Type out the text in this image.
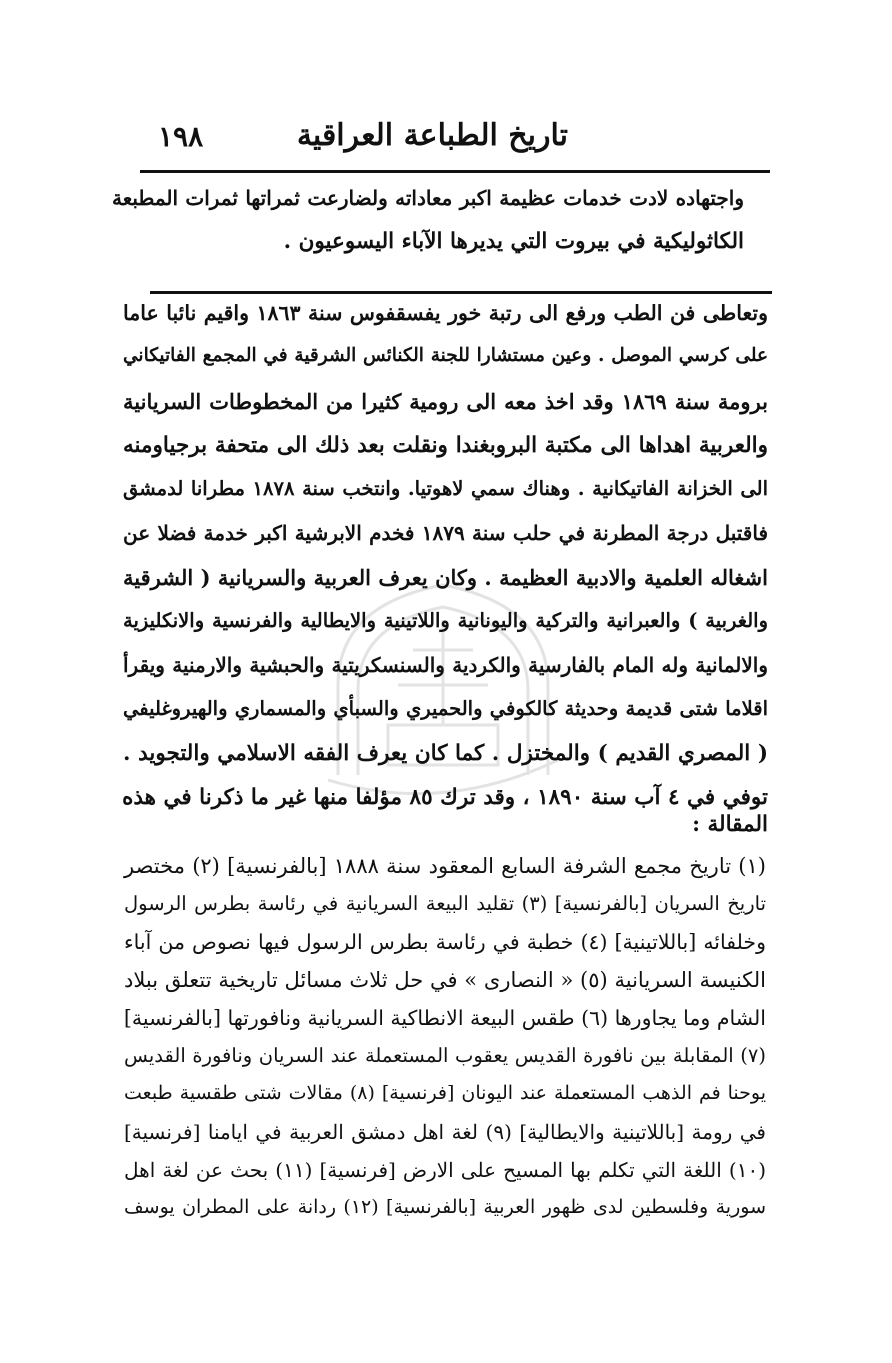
١٩٨	تاريخ الطباعة العراقية
واجتهاده لادت خدمات عظيمة اكبر معاداته ولضارعت ثمراتها ثمرات المطبعة
الكاثوليكية في بيروت التي يديرها الآباء اليسوعيون .
وتعاطى فن الطب ورفع الى رتبة خور يفسقفوس سنة ١٨٦٣ واقيم نائبا عاما
على كرسي الموصل . وعين مستشارا للجنة الكنائس الشرقية في المجمع الفاتيكاني
برومة سنة ١٨٦٩ وقد اخذ معه الى رومية كثيرا من المخطوطات السريانية
والعربية اهداها الى مكتبة البروبغندا ونقلت بعد ذلك الى متحفة برجياومنه
الى الخزانة الفاتيكانية . وهناك سمي لاهوتيا. وانتخب سنة ١٨٧٨ مطرانا لدمشق
فاقتبل درجة المطرنة في حلب سنة ١٨٧٩ فخدم الابرشية اكبر خدمة فضلا عن
اشغاله العلمية والادبية العظيمة . وكان يعرف العربية والسريانية ( الشرقية
والغربية ) والعبرانية والتركية واليونانية واللاتينية والايطالية والفرنسية والانكليزية
والالمانية وله المام بالفارسية والكردية والسنسكريتية والحبشية والارمنية ويقرأ
اقلاما شتى قديمة وحديثة كالكوفي والحميري والسبأي والمسماري والهيروغليفي
( المصري القديم ) والمختزل . كما كان يعرف الفقه الاسلامي والتجويد .
توفي في ٤ آب سنة ١٨٩٠ ، وقد ترك ٨٥ مؤلفا منها غير ما ذكرنا في هذه
المقالة :
(١) تاريخ مجمع الشرفة السابع المعقود سنة ١٨٨٨ [بالفرنسية] (٢) مختصر
تاريخ السريان [بالفرنسية] (٣) تقليد البيعة السريانية في رئاسة بطرس الرسول
وخلفائه [باللاتينية] (٤) خطبة في رئاسة بطرس الرسول فيها نصوص من آباء
الكنيسة السريانية (٥) « النصارى » في حل ثلاث مسائل تاريخية تتعلق ببلاد
الشام وما يجاورها (٦) طقس البيعة الانطاكية السريانية ونافورتها [بالفرنسية]
(٧) المقابلة بين نافورة القديس يعقوب المستعملة عند السريان ونافورة القديس
يوحنا فم الذهب المستعملة عند اليونان [فرنسية] (٨) مقالات شتى طقسية طبعت
في رومة [باللاتينية والايطالية] (٩) لغة اهل دمشق العربية في ايامنا [فرنسية]
(١٠) اللغة التي تكلم بها المسيح على الارض [فرنسية] (١١) بحث عن لغة اهل
سورية وفلسطين لدى ظهور العربية [بالفرنسية] (١٢) ردانة على المطران يوسف
